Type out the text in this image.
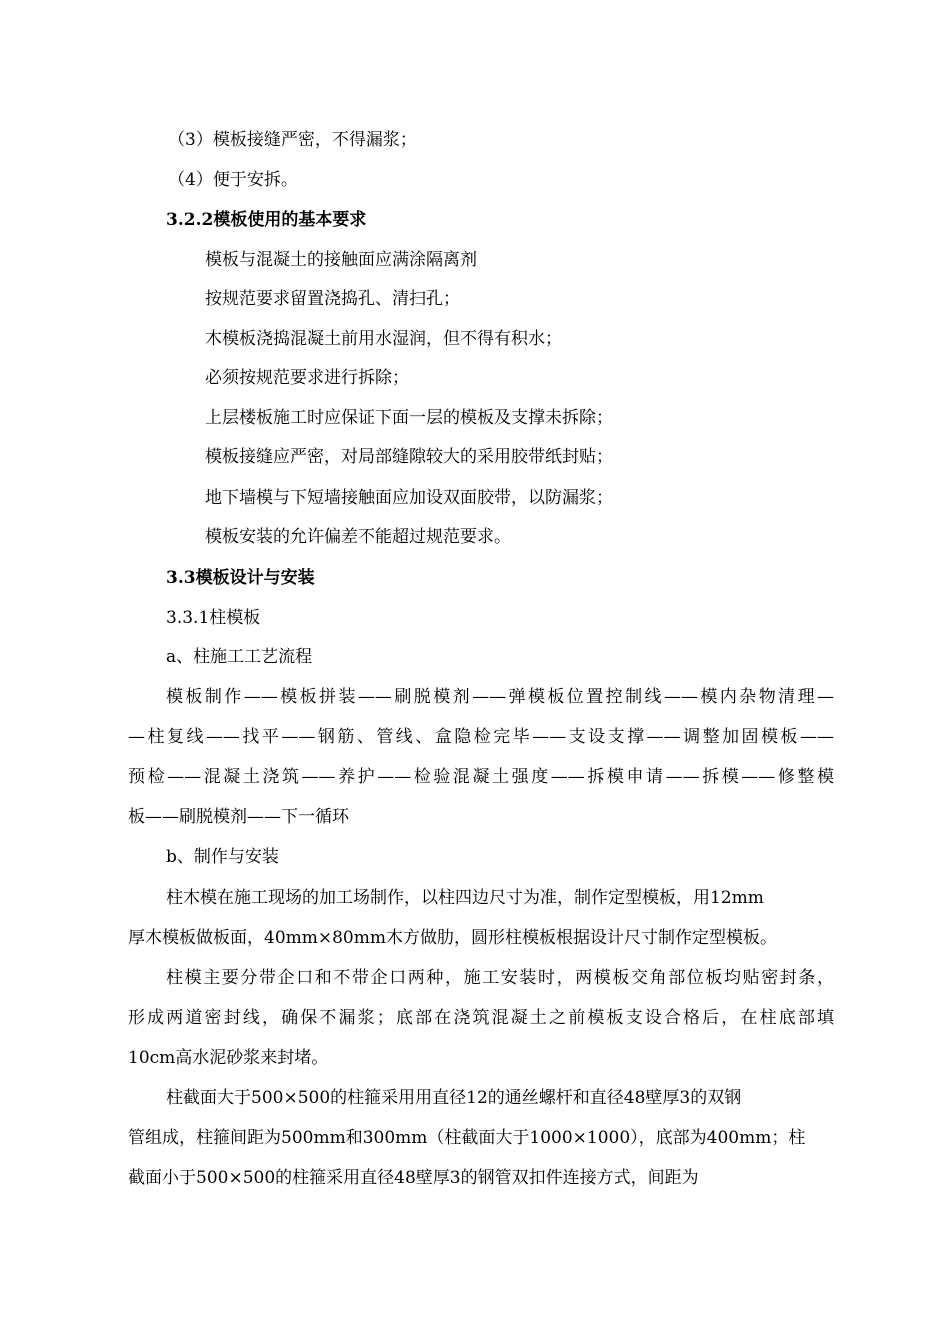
（3）模板接缝严密，不得漏浆；
（4）便于安拆。
3.2.2模板使用的基本要求
模板与混凝土的接触面应满涂隔离剂
按规范要求留置浇捣孔、清扫孔；
木模板浇捣混凝土前用水湿润，但不得有积水；
必须按规范要求进行拆除；
上层楼板施工时应保证下面一层的模板及支撑未拆除；
模板接缝应严密，对局部缝隙较大的采用胶带纸封贴；
地下墙模与下短墙接触面应加设双面胶带，以防漏浆；
模板安装的允许偏差不能超过规范要求。
3.3模板设计与安装
3.3.1柱模板
a、柱施工工艺流程
模板制作——模板拼装——刷脱模剂——弹模板位置控制线——模内杂物清理—
—柱复线——找平——钢筋、管线、盒隐检完毕——支设支撑——调整加固模板——
预检——混凝土浇筑——养护——检验混凝土强度——拆模申请——拆模——修整模
板——刷脱模剂——下一循环
b、制作与安装
柱木模在施工现场的加工场制作，以柱四边尺寸为准，制作定型模板，用12mm
厚木模板做板面，40mm×80mm木方做肋，圆形柱模板根据设计尺寸制作定型模板。
柱模主要分带企口和不带企口两种，施工安装时，两模板交角部位板均贴密封条，
形成两道密封线，确保不漏浆；底部在浇筑混凝土之前模板支设合格后，在柱底部填
10cm高水泥砂浆来封堵。
柱截面大于500×500的柱箍采用用直径12的通丝螺杆和直径48壁厚3的双钢
管组成，柱箍间距为500mm和300mm（柱截面大于1000×1000），底部为400mm；柱
截面小于500×500的柱箍采用直径48壁厚3的钢管双扣件连接方式，间距为
